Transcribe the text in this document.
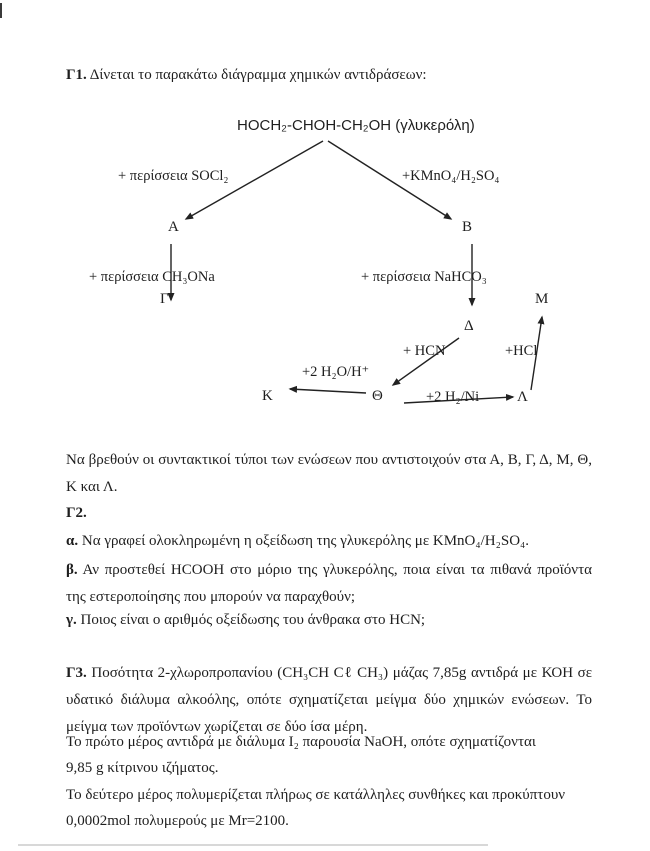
Γ1. Δίνεται το παρακάτω διάγραμμα χημικών αντιδράσεων:
HOCH₂-CHOH-CH₂OH (γλυκερόλη)
+ περίσσεια SOCl₂	+KMnO₄/H₂SO₄
+ περίσσεια CH₃ONa	+ περίσσεια NaHCO₃
+ HCN	+HCl
+2 H₂O/H⁺
+2 H₂/Ni
Α	Β
Γ
Δ
Μ
Κ	Θ	Λ

Να βρεθούν οι συντακτικοί τύποι των ενώσεων που αντιστοιχούν στα Α, Β, Γ, Δ, Μ, Θ, Κ και Λ.

Γ2.
α. Να γραφεί ολοκληρωμένη η οξείδωση της γλυκερόλης με KMnO₄/H₂SO₄.

β. Αν προστεθεί HCOOH στο μόριο της γλυκερόλης, ποια είναι τα πιθανά προϊόντα της εστεροποίησης που μπορούν να παραχθούν;

γ. Ποιος είναι ο αριθμός οξείδωσης του άνθρακα στο HCN;

Γ3. Ποσότητα 2-χλωροπροπανίου (CH₃CH Cℓ CH₃) μάζας 7,85g αντιδρά με ΚΟΗ σε υδατικό διάλυμα αλκοόλης, οπότε σχηματίζεται μείγμα δύο χημικών ενώσεων. Το μείγμα των προϊόντων χωρίζεται σε δύο ίσα μέρη.

Το πρώτο μέρος αντιδρά με διάλυμα I₂ παρουσία NaOH, οπότε σχηματίζονται
9,85 g κίτρινου ιζήματος.
Το δεύτερο μέρος πολυμερίζεται πλήρως σε κατάλληλες συνθήκες και προκύπτουν
0,0002mol πολυμερούς με Mr=2100.
